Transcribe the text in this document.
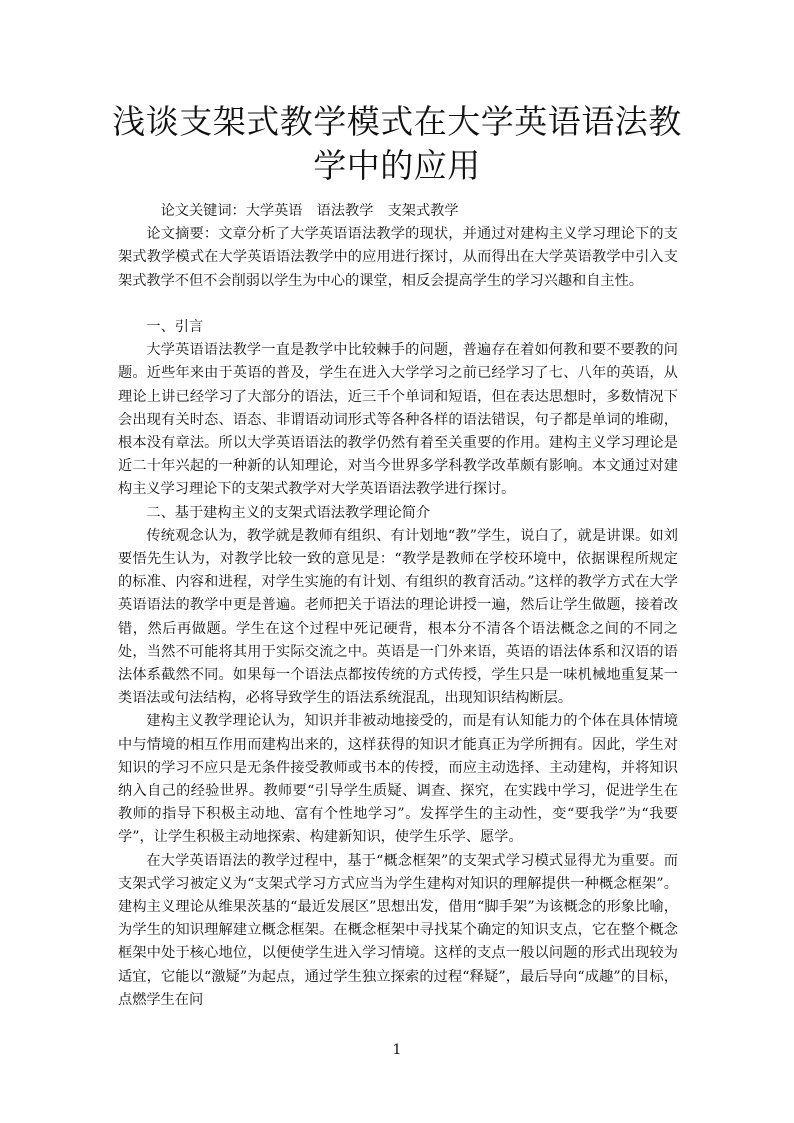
浅谈支架式教学模式在大学英语语法教学中的应用

论文关键词：大学英语　语法教学　支架式教学

论文摘要：文章分析了大学英语语法教学的现状，并通过对建构主义学习理论下的支架式教学模式在大学英语语法教学中的应用进行探讨，从而得出在大学英语教学中引入支架式教学不但不会削弱以学生为中心的课堂，相反会提高学生的学习兴趣和自主性。

一、引言

大学英语语法教学一直是教学中比较棘手的问题，普遍存在着如何教和要不要教的问题。近些年来由于英语的普及，学生在进入大学学习之前已经学习了七、八年的英语，从理论上讲已经学习了大部分的语法，近三千个单词和短语，但在表达思想时，多数情况下会出现有关时态、语态、非谓语动词形式等各种各样的语法错误，句子都是单词的堆砌，根本没有章法。所以大学英语语法的教学仍然有着至关重要的作用。建构主义学习理论是近二十年兴起的一种新的认知理论，对当今世界多学科教学改革颇有影响。本文通过对建构主义学习理论下的支架式教学对大学英语语法教学进行探讨。

二、基于建构主义的支架式语法教学理论简介

传统观念认为，教学就是教师有组织、有计划地“教”学生，说白了，就是讲课。如刘要悟先生认为，对教学比较一致的意见是：“教学是教师在学校环境中，依据课程所规定的标准、内容和进程，对学生实施的有计划、有组织的教育活动。”这样的教学方式在大学英语语法的教学中更是普遍。老师把关于语法的理论讲授一遍，然后让学生做题，接着改错，然后再做题。学生在这个过程中死记硬背，根本分不清各个语法概念之间的不同之处，当然不可能将其用于实际交流之中。英语是一门外来语，英语的语法体系和汉语的语法体系截然不同。如果每一个语法点都按传统的方式传授，学生只是一味机械地重复某一类语法或句法结构，必将导致学生的语法系统混乱，出现知识结构断层。

建构主义教学理论认为，知识并非被动地接受的，而是有认知能力的个体在具体情境中与情境的相互作用而建构出来的，这样获得的知识才能真正为学所拥有。因此，学生对知识的学习不应只是无条件接受教师或书本的传授，而应主动选择、主动建构，并将知识纳入自己的经验世界。教师要“引导学生质疑、调查、探究，在实践中学习，促进学生在教师的指导下积极主动地、富有个性地学习”。发挥学生的主动性，变“要我学”为“我要学”，让学生积极主动地探索、构建新知识，使学生乐学、愿学。

在大学英语语法的教学过程中，基于“概念框架”的支架式学习模式显得尤为重要。而支架式学习被定义为“支架式学习方式应当为学生建构对知识的理解提供一种概念框架”。建构主义理论从维果茨基的“最近发展区”思想出发，借用“脚手架”为该概念的形象比喻，为学生的知识理解建立概念框架。在概念框架中寻找某个确定的知识支点，它在整个概念框架中处于核心地位，以便使学生进入学习情境。这样的支点一般以问题的形式出现较为适宜，它能以“激疑”为起点，通过学生独立探索的过程“释疑”，最后导向“成趣”的目标，点燃学生在问

1
